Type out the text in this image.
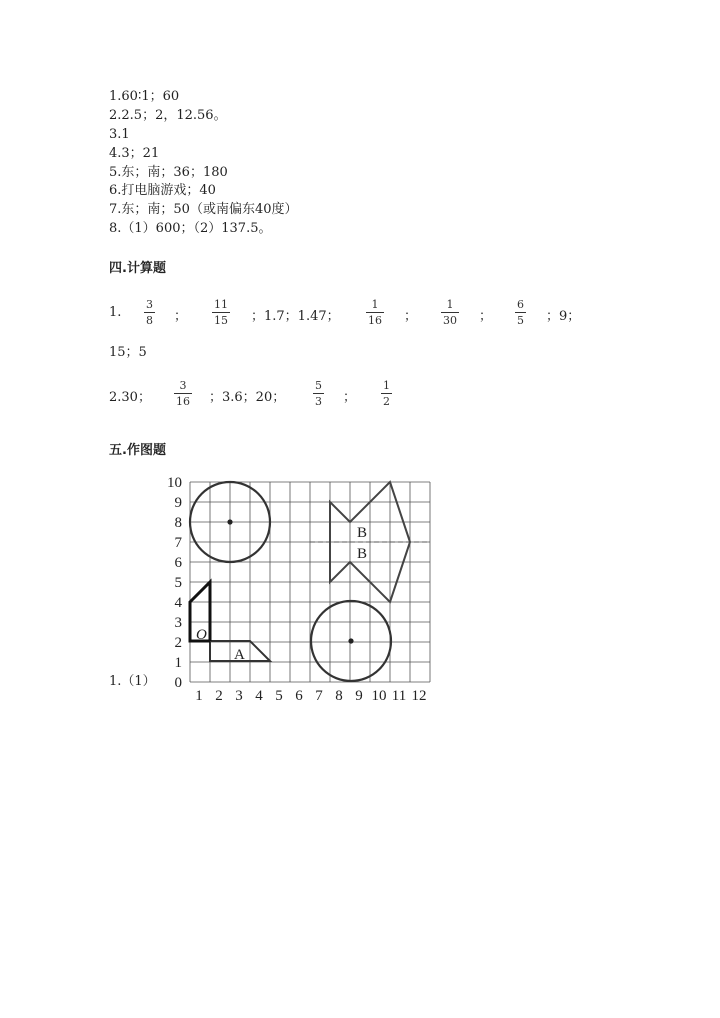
1.60∶1；60
2.2.5；2，12.56。
3.1
4.3；21
5.东；南；36；180
6.打电脑游戏；40
7.东；南；50（或南偏东40度）
8.（1）600；（2）137.5。
四.计算题
1.
3
8 ；
11
15 ；1.7；1.47；
1
16 ；
1
30 ；
6
5 ；9；
15；5
2.30；
3
16 ；3.6；20；
5
3 ；
1
2
五.作图题
1.（1） 0
1
2
3
4
5
6
7
8
9
10
1 2 3 4 5 6 7 8 9 10 11 12
O
A
B
B
